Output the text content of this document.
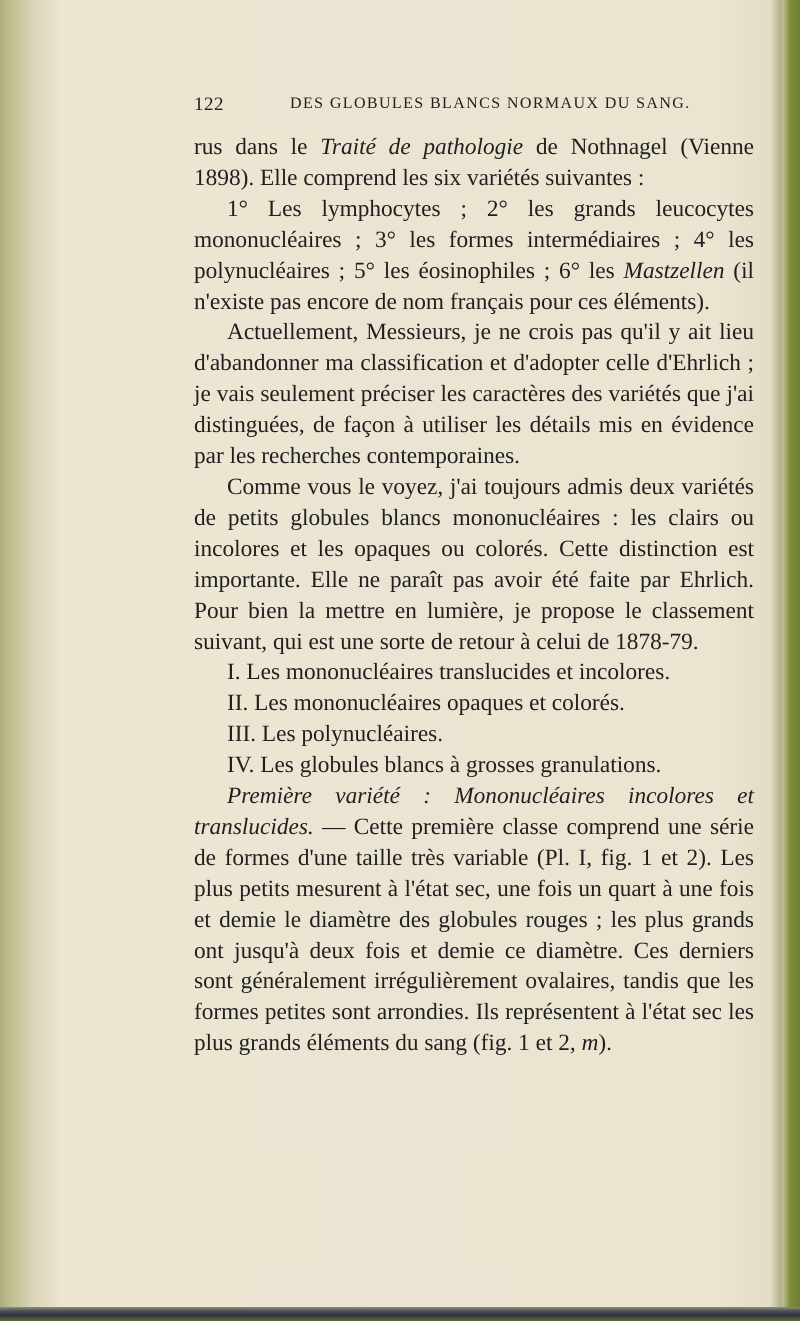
122	DES GLOBULES BLANCS NORMAUX DU SANG.

rus dans le Traité de pathologie de Nothnagel (Vienne 1898). Elle comprend les six variétés suivantes :

1° Les lymphocytes ; 2° les grands leucocytes mononucléaires ; 3° les formes intermédiaires ; 4° les polynucléaires ; 5° les éosinophiles ; 6° les Mastzellen (il n'existe pas encore de nom français pour ces éléments).

Actuellement, Messieurs, je ne crois pas qu'il y ait lieu d'abandonner ma classification et d'adopter celle d'Ehrlich ; je vais seulement préciser les caractères des variétés que j'ai distinguées, de façon à utiliser les détails mis en évidence par les recherches contemporaines.

Comme vous le voyez, j'ai toujours admis deux variétés de petits globules blancs mononucléaires : les clairs ou incolores et les opaques ou colorés. Cette distinction est importante. Elle ne paraît pas avoir été faite par Ehrlich. Pour bien la mettre en lumière, je propose le classement suivant, qui est une sorte de retour à celui de 1878-79.

I. Les mononucléaires translucides et incolores.

II. Les mononucléaires opaques et colorés.

III. Les polynucléaires.

IV. Les globules blancs à grosses granulations.

Première variété : Mononucléaires incolores et translucides. — Cette première classe comprend une série de formes d'une taille très variable (Pl. I, fig. 1 et 2). Les plus petits mesurent à l'état sec, une fois un quart à une fois et demie le diamètre des globules rouges ; les plus grands ont jusqu'à deux fois et demie ce diamètre. Ces derniers sont généralement irrégulièrement ovalaires, tandis que les formes petites sont arrondies. Ils représentent à l'état sec les plus grands éléments du sang (fig. 1 et 2, m).
